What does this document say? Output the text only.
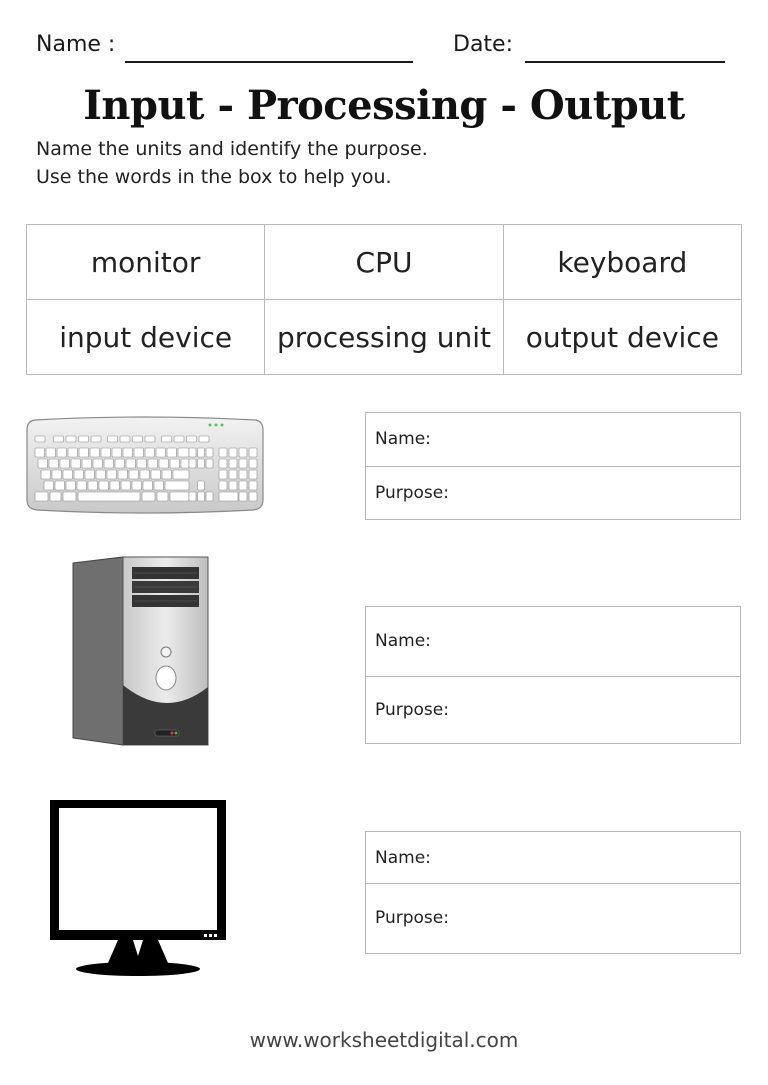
Name :	Date:
Input - Processing - Output
Name the units and identify the purpose.
Use the words in the box to help you.
monitor	CPU	keyboard
input device	processing unit	output device
Name:
Purpose:
Name:
Purpose:
Name:
Purpose:
www.worksheetdigital.com
